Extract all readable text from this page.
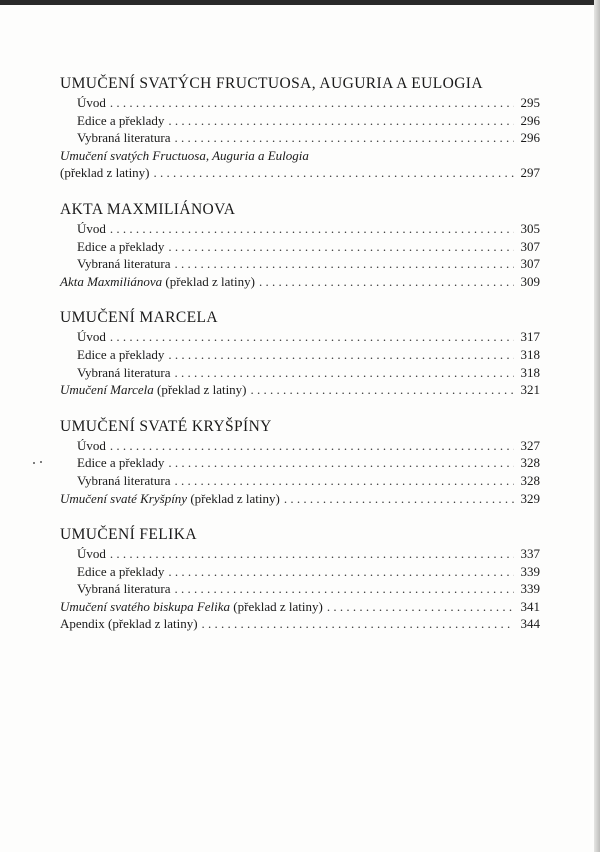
UMUČENÍ SVATÝCH FRUCTUOSA, AUGURIA A EULOGIA
Úvod . . .	295
Edice a překlady . . .	296
Vybraná literatura . . .	296
Umučení svatých Fructuosa, Auguria a Eulogia
(překlad z latiny) . . .	297
AKTA MAXMILIÁNOVA
Úvod . . .	305
Edice a překlady . . .	307
Vybraná literatura . . .	307
Akta Maxmiliánova (překlad z latiny) . . .	309
UMUČENÍ MARCELA
Úvod . . .	317
Edice a překlady . . .	318
Vybraná literatura . . .	318
Umučení Marcela (překlad z latiny) . . .	321
UMUČENÍ SVATÉ KRYŠPÍNY
Úvod . . .	327
Edice a překlady . . .	328
Vybraná literatura . . .	328
Umučení svaté Kryšpíny (překlad z latiny) . . .	329
UMUČENÍ FELIKA
Úvod . . .	337
Edice a překlady . . .	339
Vybraná literatura . . .	339
Umučení svatého biskupa Felika (překlad z latiny) . . .	341
Apendix (překlad z latiny) . . .	344
